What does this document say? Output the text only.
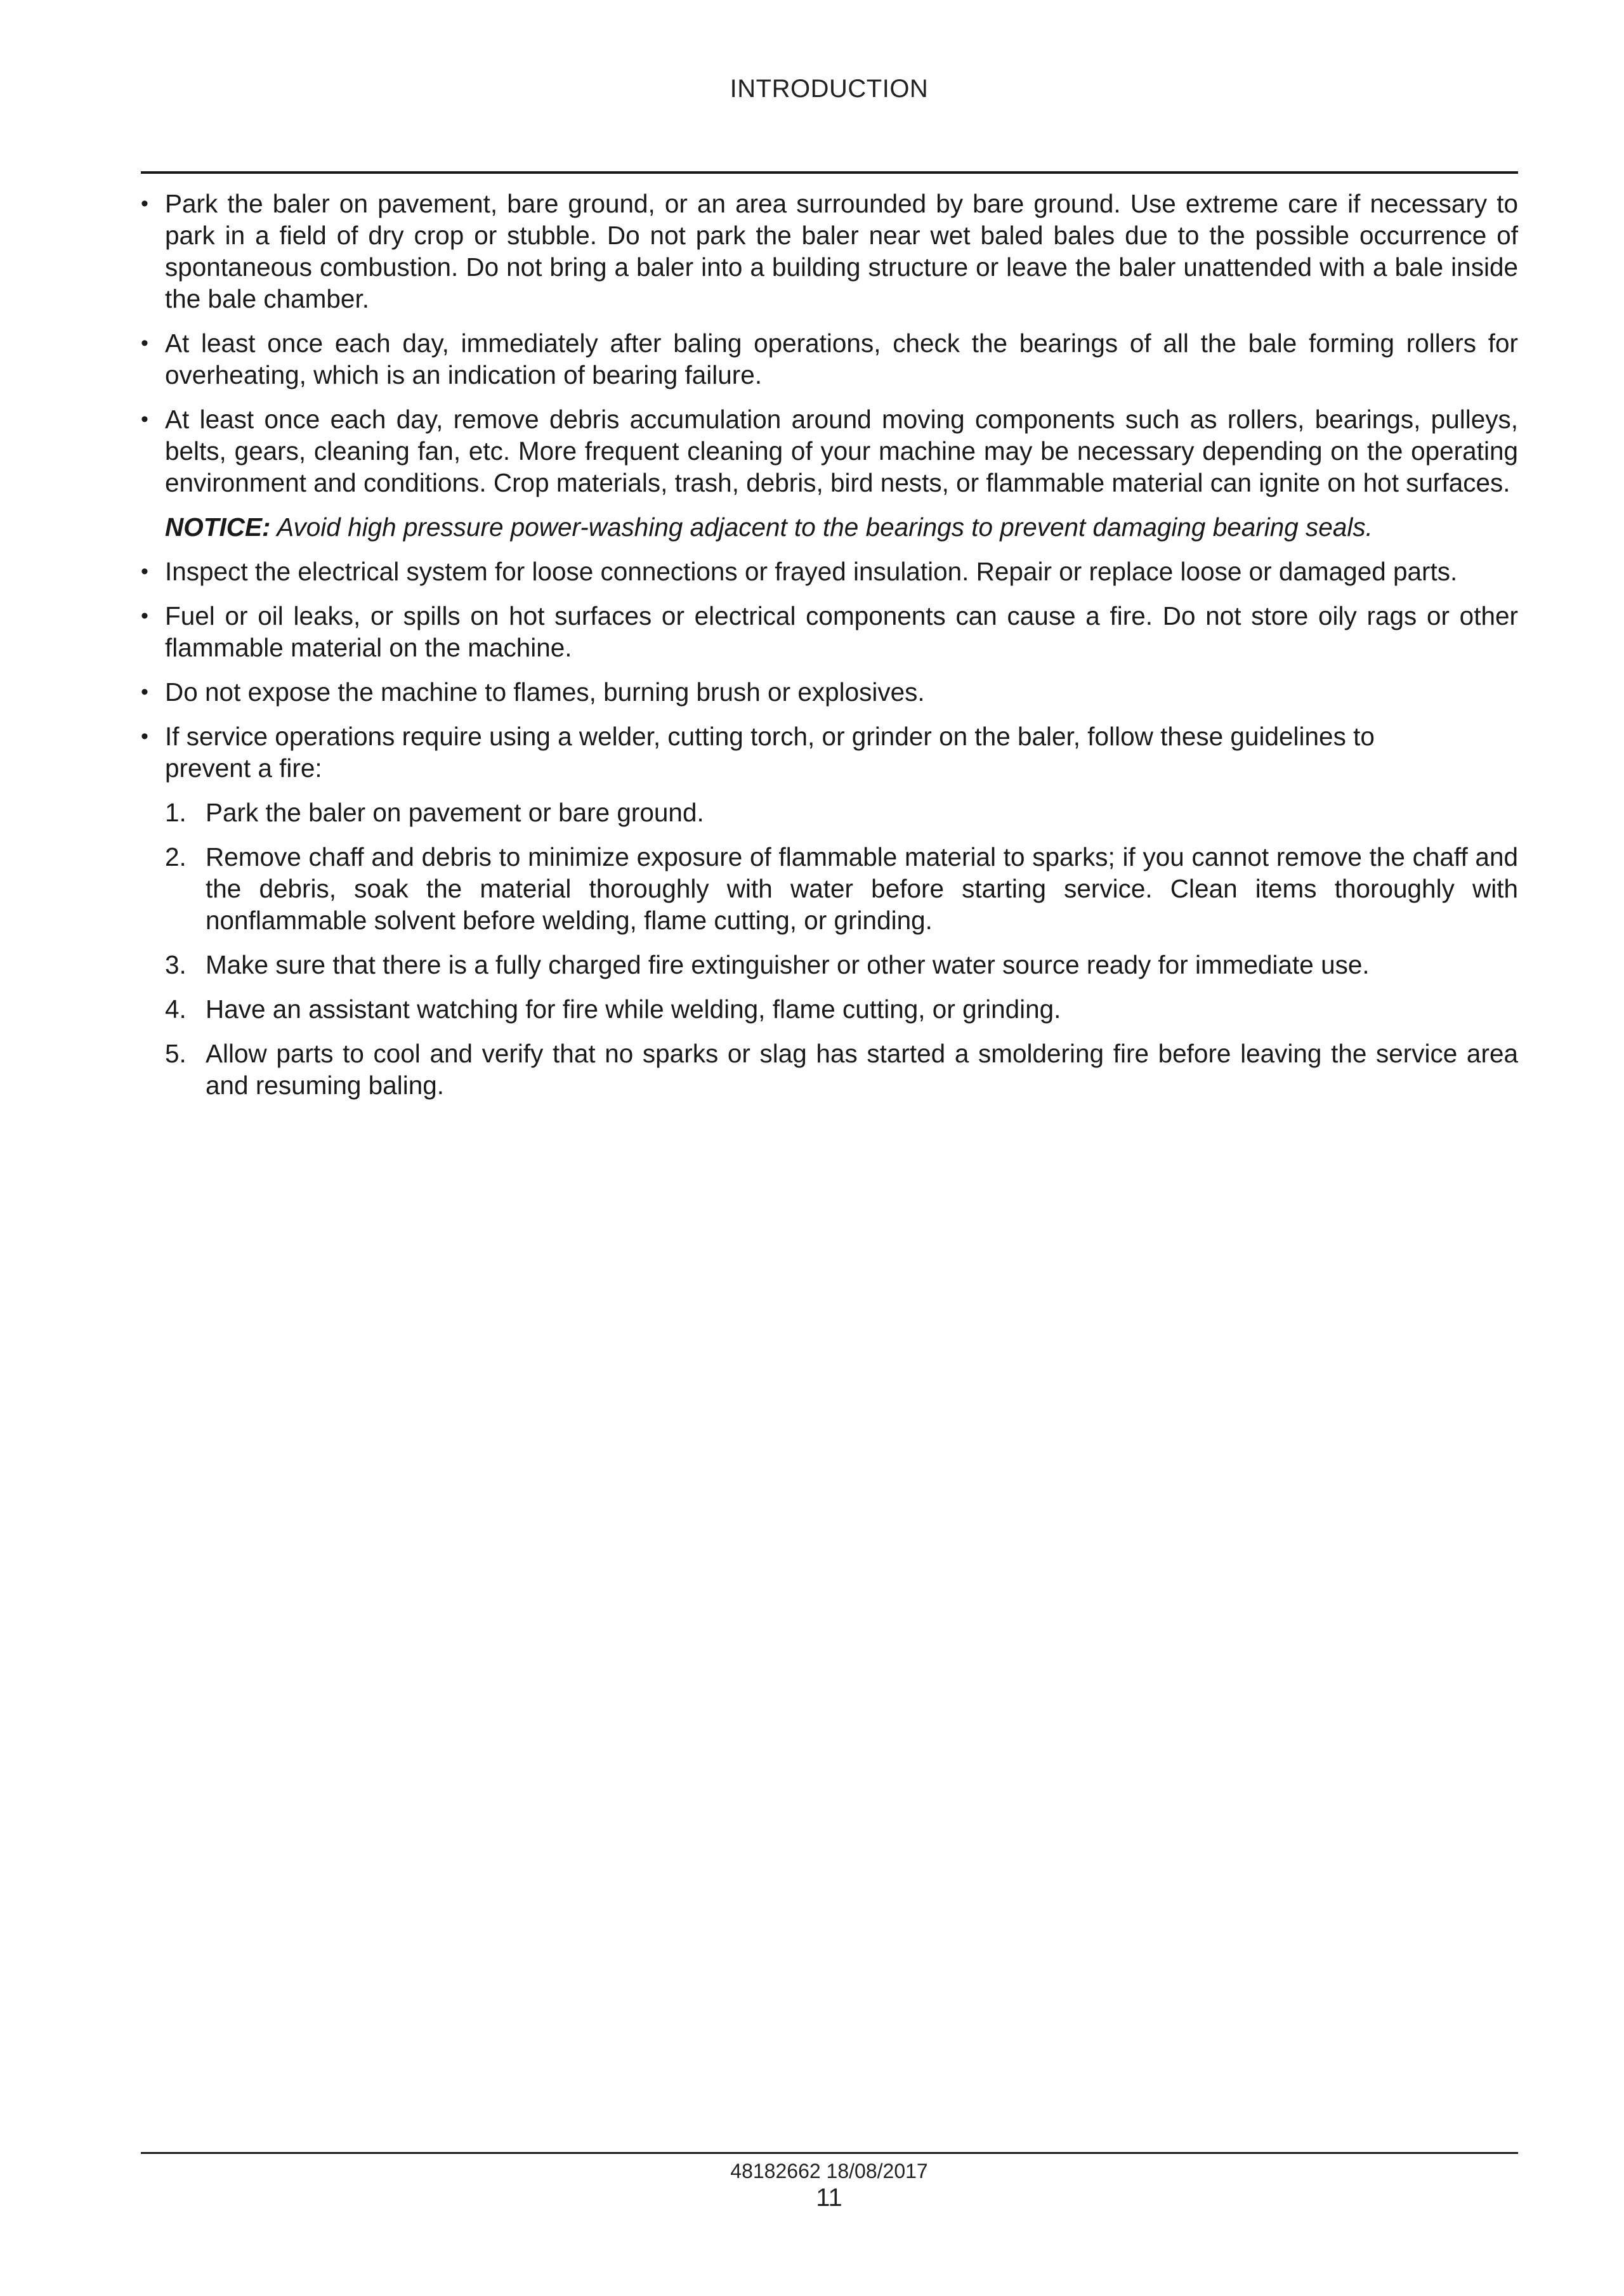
INTRODUCTION
• Park the baler on pavement, bare ground, or an area surrounded by bare ground. Use extreme care if necessary to park in a field of dry crop or stubble. Do not park the baler near wet baled bales due to the possible occurrence of spontaneous combustion. Do not bring a baler into a building structure or leave the baler unattended with a bale inside the bale chamber.
• At least once each day, immediately after baling operations, check the bearings of all the bale forming rollers for overheating, which is an indication of bearing failure.
• At least once each day, remove debris accumulation around moving components such as rollers, bearings, pulleys, belts, gears, cleaning fan, etc. More frequent cleaning of your machine may be necessary depending on the operating environment and conditions. Crop materials, trash, debris, bird nests, or flammable material can ignite on hot surfaces.
NOTICE: Avoid high pressure power-washing adjacent to the bearings to prevent damaging bearing seals.
• Inspect the electrical system for loose connections or frayed insulation. Repair or replace loose or damaged parts.
• Fuel or oil leaks, or spills on hot surfaces or electrical components can cause a fire. Do not store oily rags or other flammable material on the machine.
• Do not expose the machine to flames, burning brush or explosives.
• If service operations require using a welder, cutting torch, or grinder on the baler, follow these guidelines to prevent a fire:
1. Park the baler on pavement or bare ground.
2. Remove chaff and debris to minimize exposure of flammable material to sparks; if you cannot remove the chaff and the debris, soak the material thoroughly with water before starting service. Clean items thoroughly with nonflammable solvent before welding, flame cutting, or grinding.
3. Make sure that there is a fully charged fire extinguisher or other water source ready for immediate use.
4. Have an assistant watching for fire while welding, flame cutting, or grinding.
5. Allow parts to cool and verify that no sparks or slag has started a smoldering fire before leaving the service area and resuming baling.
48182662 18/08/2017
11
